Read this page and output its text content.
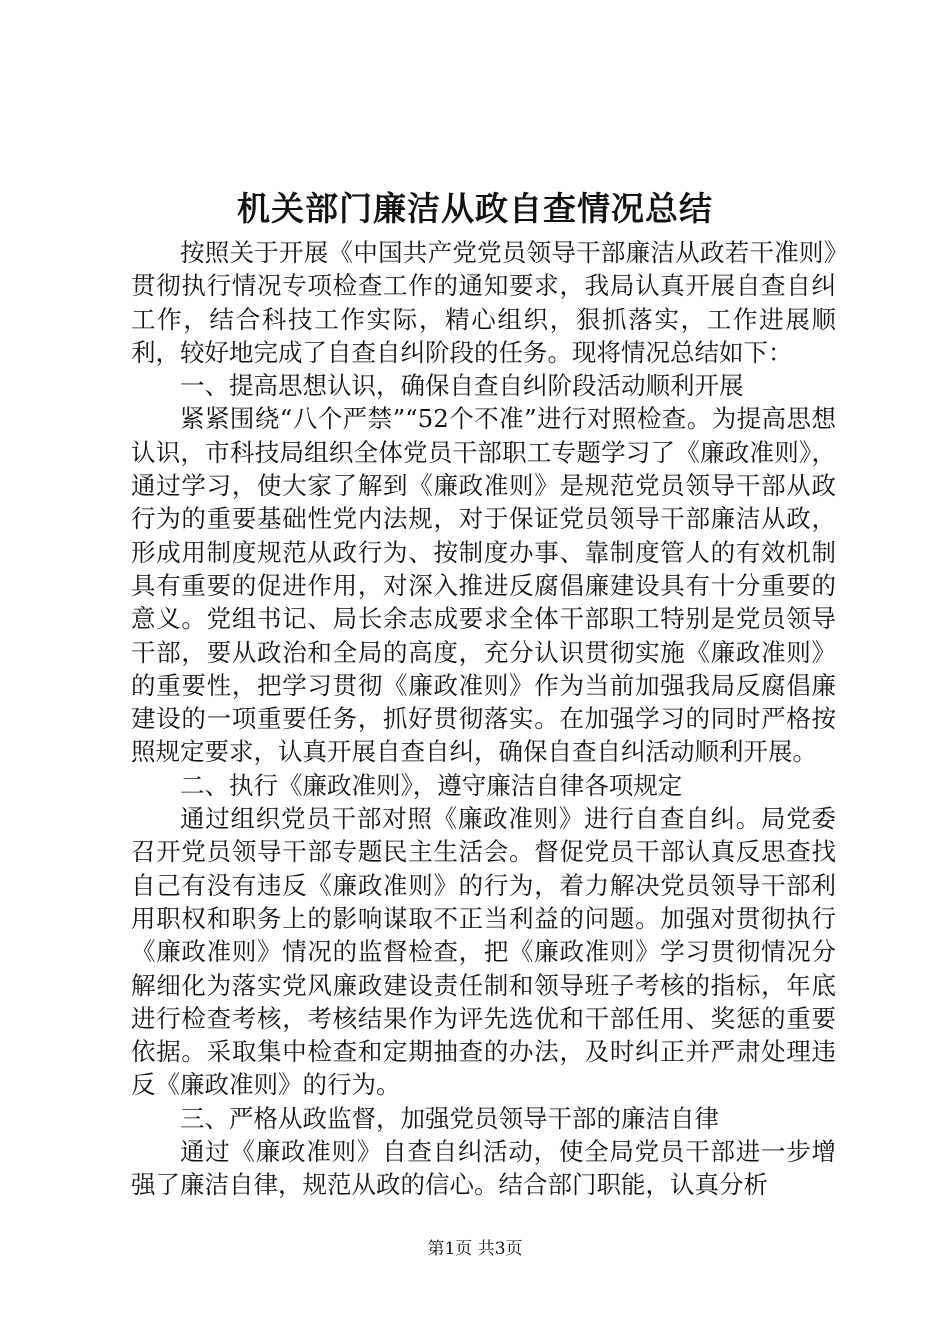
机关部门廉洁从政自查情况总结

按照关于开展《中国共产党党员领导干部廉洁从政若干准则》贯彻执行情况专项检查工作的通知要求，我局认真开展自查自纠工作，结合科技工作实际，精心组织，狠抓落实，工作进展顺利，较好地完成了自查自纠阶段的任务。现将情况总结如下：

一、提高思想认识，确保自查自纠阶段活动顺利开展

紧紧围绕“八个严禁”“52个不准”进行对照检查。为提高思想认识，市科技局组织全体党员干部职工专题学习了《廉政准则》，通过学习，使大家了解到《廉政准则》是规范党员领导干部从政行为的重要基础性党内法规，对于保证党员领导干部廉洁从政，形成用制度规范从政行为、按制度办事、靠制度管人的有效机制具有重要的促进作用，对深入推进反腐倡廉建设具有十分重要的意义。党组书记、局长余志成要求全体干部职工特别是党员领导干部，要从政治和全局的高度，充分认识贯彻实施《廉政准则》的重要性，把学习贯彻《廉政准则》作为当前加强我局反腐倡廉建设的一项重要任务，抓好贯彻落实。在加强学习的同时严格按照规定要求，认真开展自查自纠，确保自查自纠活动顺利开展。

二、执行《廉政准则》，遵守廉洁自律各项规定

通过组织党员干部对照《廉政准则》进行自查自纠。局党委召开党员领导干部专题民主生活会。督促党员干部认真反思查找自己有没有违反《廉政准则》的行为，着力解决党员领导干部利用职权和职务上的影响谋取不正当利益的问题。加强对贯彻执行《廉政准则》情况的监督检查，把《廉政准则》学习贯彻情况分解细化为落实党风廉政建设责任制和领导班子考核的指标，年底进行检查考核，考核结果作为评先选优和干部任用、奖惩的重要依据。采取集中检查和定期抽查的办法，及时纠正并严肃处理违反《廉政准则》的行为。

三、严格从政监督，加强党员领导干部的廉洁自律

通过《廉政准则》自查自纠活动，使全局党员干部进一步增强了廉洁自律，规范从政的信心。结合部门职能，认真分析

第1页 共3页
